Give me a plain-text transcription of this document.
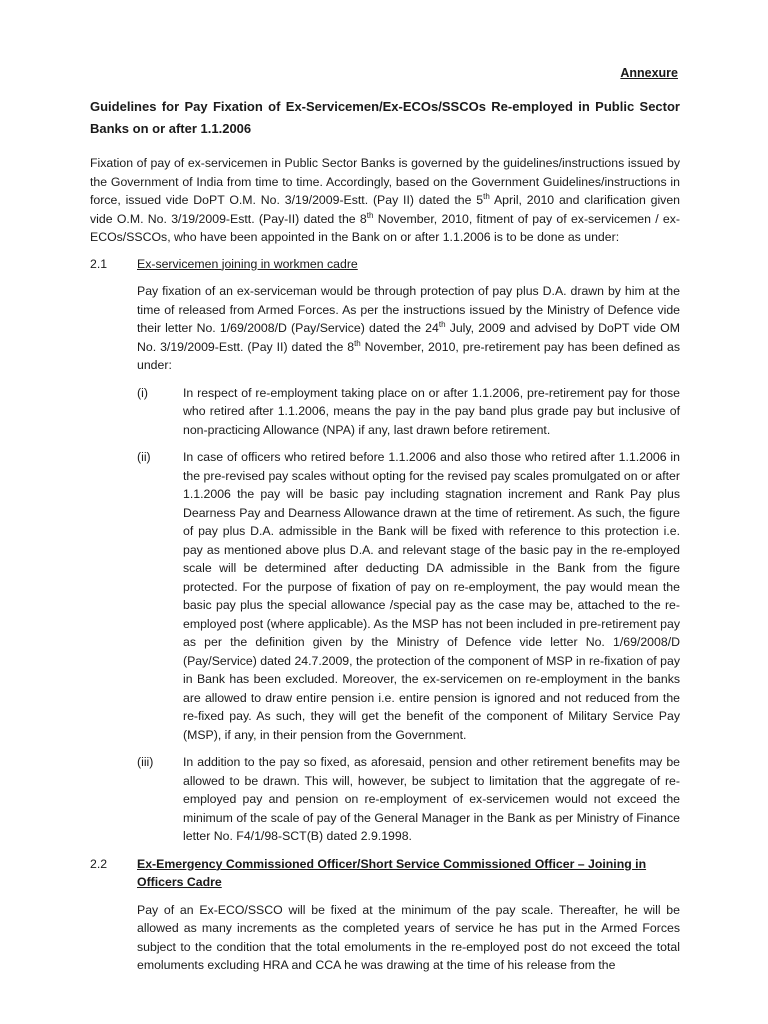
Annexure
Guidelines for Pay Fixation of Ex-Servicemen/Ex-ECOs/SSCOs Re-employed in Public Sector Banks on or after 1.1.2006

Fixation of pay of ex-servicemen in Public Sector Banks is governed by the guidelines/instructions issued by the Government of India from time to time. Accordingly, based on the Government Guidelines/instructions in force, issued vide DoPT O.M. No. 3/19/2009-Estt. (Pay II) dated the 5th April, 2010 and clarification given vide O.M. No. 3/19/2009-Estt. (Pay-II) dated the 8th November, 2010, fitment of pay of ex-servicemen / ex-ECOs/SSCOs, who have been appointed in the Bank on or after 1.1.2006 is to be done as under:

2.1 Ex-servicemen joining in workmen cadre

Pay fixation of an ex-serviceman would be through protection of pay plus D.A. drawn by him at the time of released from Armed Forces. As per the instructions issued by the Ministry of Defence vide their letter No. 1/69/2008/D (Pay/Service) dated the 24th July, 2009 and advised by DoPT vide OM No. 3/19/2009-Estt. (Pay II) dated the 8th November, 2010, pre-retirement pay has been defined as under:

(i)	In respect of re-employment taking place on or after 1.1.2006, pre-retirement pay for those who retired after 1.1.2006, means the pay in the pay band plus grade pay but inclusive of non-practicing Allowance (NPA) if any, last drawn before retirement.

(ii)	In case of officers who retired before 1.1.2006 and also those who retired after 1.1.2006 in the pre-revised pay scales without opting for the revised pay scales promulgated on or after 1.1.2006 the pay will be basic pay including stagnation increment and Rank Pay plus Dearness Pay and Dearness Allowance drawn at the time of retirement. As such, the figure of pay plus D.A. admissible in the Bank will be fixed with reference to this protection i.e. pay as mentioned above plus D.A. and relevant stage of the basic pay in the re-employed scale will be determined after deducting DA admissible in the Bank from the figure protected. For the purpose of fixation of pay on re-employment, the pay would mean the basic pay plus the special allowance /special pay as the case may be, attached to the re-employed post (where applicable). As the MSP has not been included in pre-retirement pay as per the definition given by the Ministry of Defence vide letter No. 1/69/2008/D (Pay/Service) dated 24.7.2009, the protection of the component of MSP in re-fixation of pay in Bank has been excluded. Moreover, the ex-servicemen on re-employment in the banks are allowed to draw entire pension i.e. entire pension is ignored and not reduced from the re-fixed pay. As such, they will get the benefit of the component of Military Service Pay (MSP), if any, in their pension from the Government.

(iii) In addition to the pay so fixed, as aforesaid, pension and other retirement benefits may be allowed to be drawn. This will, however, be subject to limitation that the aggregate of re-employed pay and pension on re-employment of ex-servicemen would not exceed the minimum of the scale of pay of the General Manager in the Bank as per Ministry of Finance letter No. F4/1/98-SCT(B) dated 2.9.1998.

2.2 Ex-Emergency Commissioned Officer/Short Service Commissioned Officer – Joining in Officers Cadre

Pay of an Ex-ECO/SSCO will be fixed at the minimum of the pay scale. Thereafter, he will be allowed as many increments as the completed years of service he has put in the Armed Forces subject to the condition that the total emoluments in the re-employed post do not exceed the total emoluments excluding HRA and CCA he was drawing at the time of his release from the
